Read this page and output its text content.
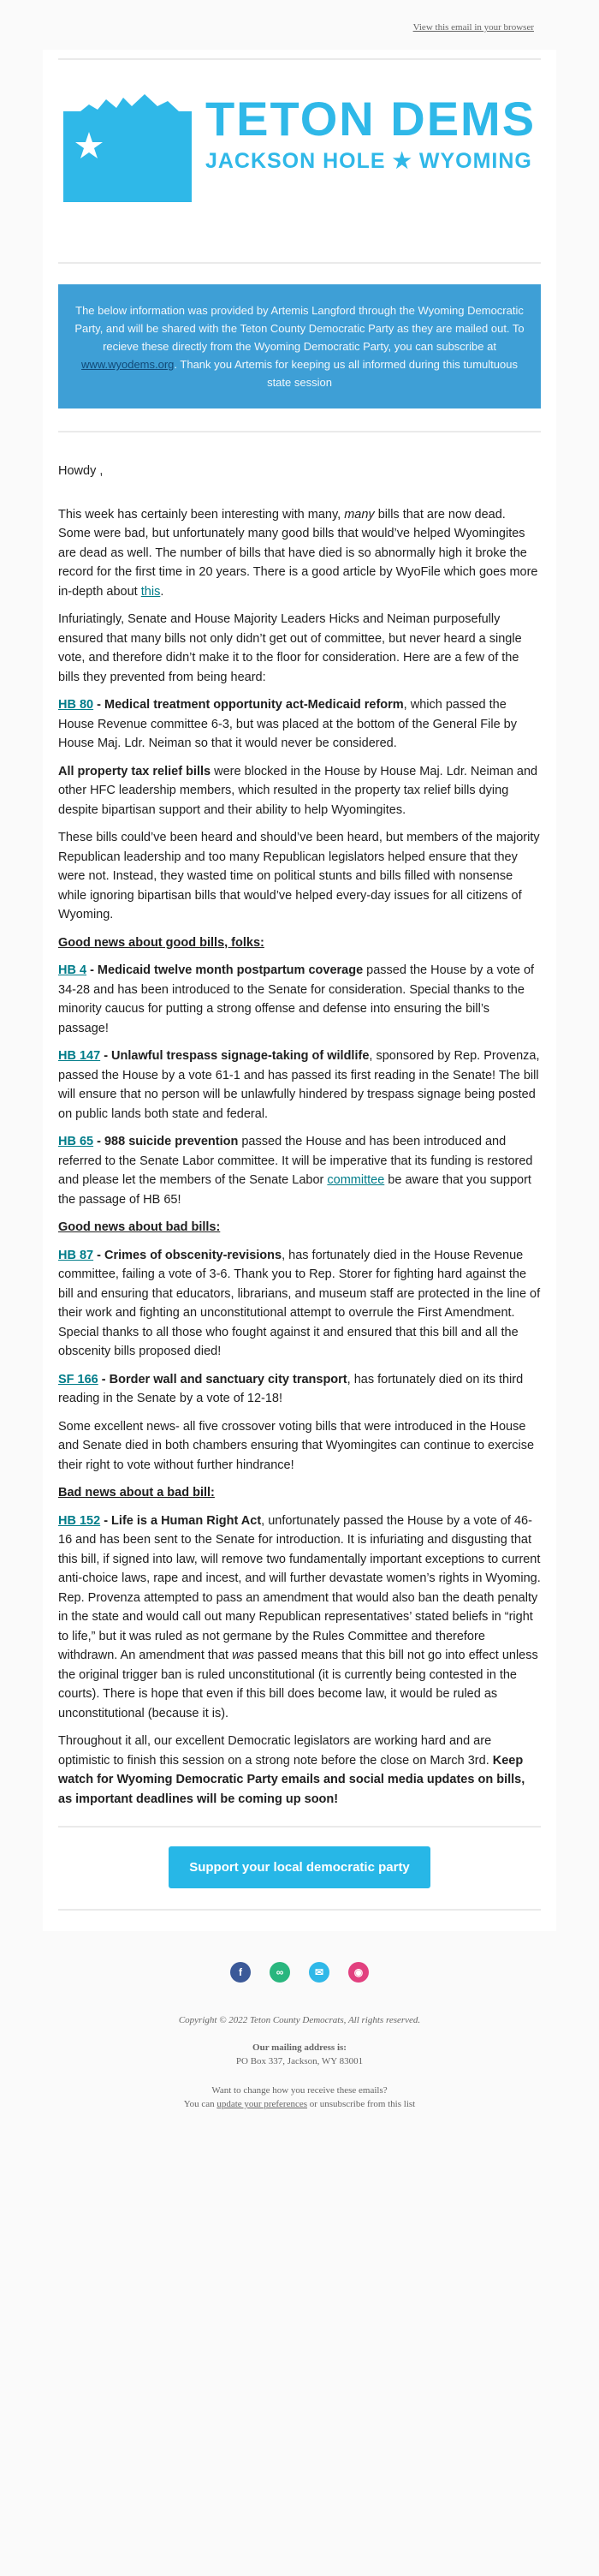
View this email in your browser
TETON DEMS
JACKSON HOLE ★ WYOMING
The below information was provided by Artemis Langford through the Wyoming Democratic Party, and will be shared with the Teton County Democratic Party as they are mailed out. To recieve these directly from the Wyoming Democratic Party, you can subscribe at www.wyodems.org. Thank you Artemis for keeping us all informed during this tumultuous state session

Howdy ,

This week has certainly been interesting with many, many bills that are now dead. Some were bad, but unfortunately many good bills that would’ve helped Wyomingites are dead as well. The number of bills that have died is so abnormally high it broke the record for the first time in 20 years. There is a good article by WyoFile which goes more in-depth about this.

Infuriatingly, Senate and House Majority Leaders Hicks and Neiman purposefully ensured that many bills not only didn’t get out of committee, but never heard a single vote, and therefore didn’t make it to the floor for consideration. Here are a few of the bills they prevented from being heard:

HB 80 - Medical treatment opportunity act-Medicaid reform, which passed the House Revenue committee 6-3, but was placed at the bottom of the General File by House Maj. Ldr. Neiman so that it would never be considered.

All property tax relief bills were blocked in the House by House Maj. Ldr. Neiman and other HFC leadership members, which resulted in the property tax relief bills dying despite bipartisan support and their ability to help Wyomingites.

These bills could’ve been heard and should’ve been heard, but members of the majority Republican leadership and too many Republican legislators helped ensure that they were not. Instead, they wasted time on political stunts and bills filled with nonsense while ignoring bipartisan bills that would’ve helped every-day issues for all citizens of Wyoming.

Good news about good bills, folks:

HB 4 - Medicaid twelve month postpartum coverage passed the House by a vote of 34-28 and has been introduced to the Senate for consideration. Special thanks to the minority caucus for putting a strong offense and defense into ensuring the bill’s passage!

HB 147 - Unlawful trespass signage-taking of wildlife, sponsored by Rep. Provenza, passed the House by a vote 61-1 and has passed its first reading in the Senate! The bill will ensure that no person will be unlawfully hindered by trespass signage being posted on public lands both state and federal.

HB 65 - 988 suicide prevention passed the House and has been introduced and referred to the Senate Labor committee. It will be imperative that its funding is restored and please let the members of the Senate Labor committee be aware that you support the passage of HB 65!

Good news about bad bills:

HB 87 - Crimes of obscenity-revisions, has fortunately died in the House Revenue committee, failing a vote of 3-6. Thank you to Rep. Storer for fighting hard against the bill and ensuring that educators, librarians, and museum staff are protected in the line of their work and fighting an unconstitutional attempt to overrule the First Amendment. Special thanks to all those who fought against it and ensured that this bill and all the obscenity bills proposed died!

SF 166 - Border wall and sanctuary city transport, has fortunately died on its third reading in the Senate by a vote of 12-18!

Some excellent news- all five crossover voting bills that were introduced in the House and Senate died in both chambers ensuring that Wyomingites can continue to exercise their right to vote without further hindrance!

Bad news about a bad bill:

HB 152 - Life is a Human Right Act, unfortunately passed the House by a vote of 46-16 and has been sent to the Senate for introduction. It is infuriating and disgusting that this bill, if signed into law, will remove two fundamentally important exceptions to current anti-choice laws, rape and incest, and will further devastate women’s rights in Wyoming. Rep. Provenza attempted to pass an amendment that would also ban the death penalty in the state and would call out many Republican representatives’ stated beliefs in “right to life,” but it was ruled as not germane by the Rules Committee and therefore withdrawn. An amendment that was passed means that this bill not go into effect unless the original trigger ban is ruled unconstitutional (it is currently being contested in the courts). There is hope that even if this bill does become law, it would be ruled as unconstitutional (because it is).

Throughout it all, our excellent Democratic legislators are working hard and are optimistic to finish this session on a strong note before the close on March 3rd. Keep watch for Wyoming Democratic Party emails and social media updates on bills, as important deadlines will be coming up soon!

Support your local democratic party
f	∞	✉	◉
Copyright © 2022 Teton County Democrats, All rights reserved.
Our mailing address is:
PO Box 337, Jackson, WY 83001
Want to change how you receive these emails?
You can update your preferences or unsubscribe from this list
